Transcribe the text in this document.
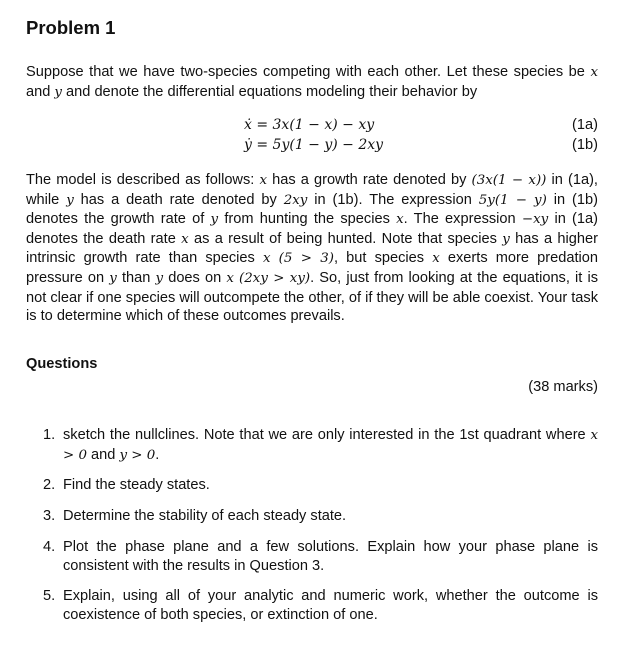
Problem 1

Suppose that we have two-species competing with each other. Let these species be x and y and denote the differential equations modeling their behavior by

ẋ = 3x(1 − x) − xy	(1a)
ẏ = 5y(1 − y) − 2xy	(1b)

The model is described as follows: x has a growth rate denoted by (3x(1 − x)) in (1a), while y has a death rate denoted by 2xy in (1b). The expression 5y(1 − y) in (1b) denotes the growth rate of y from hunting the species x. The expression −xy in (1a) denotes the death rate x as a result of being hunted. Note that species y has a higher intrinsic growth rate than species x (5 > 3), but species x exerts more predation pressure on y than y does on x (2xy > xy). So, just from looking at the equations, it is not clear if one species will outcompete the other, of if they will be able coexist. Your task is to determine which of these outcomes prevails.

Questions
(38 marks)
1. sketch the nullclines. Note that we are only interested in the 1st quadrant where x > 0 and y > 0.
2. Find the steady states.
3. Determine the stability of each steady state.
4. Plot the phase plane and a few solutions. Explain how your phase plane is consistent with the results in Question 3.
5. Explain, using all of your analytic and numeric work, whether the outcome is coexistence of both species, or extinction of one.
